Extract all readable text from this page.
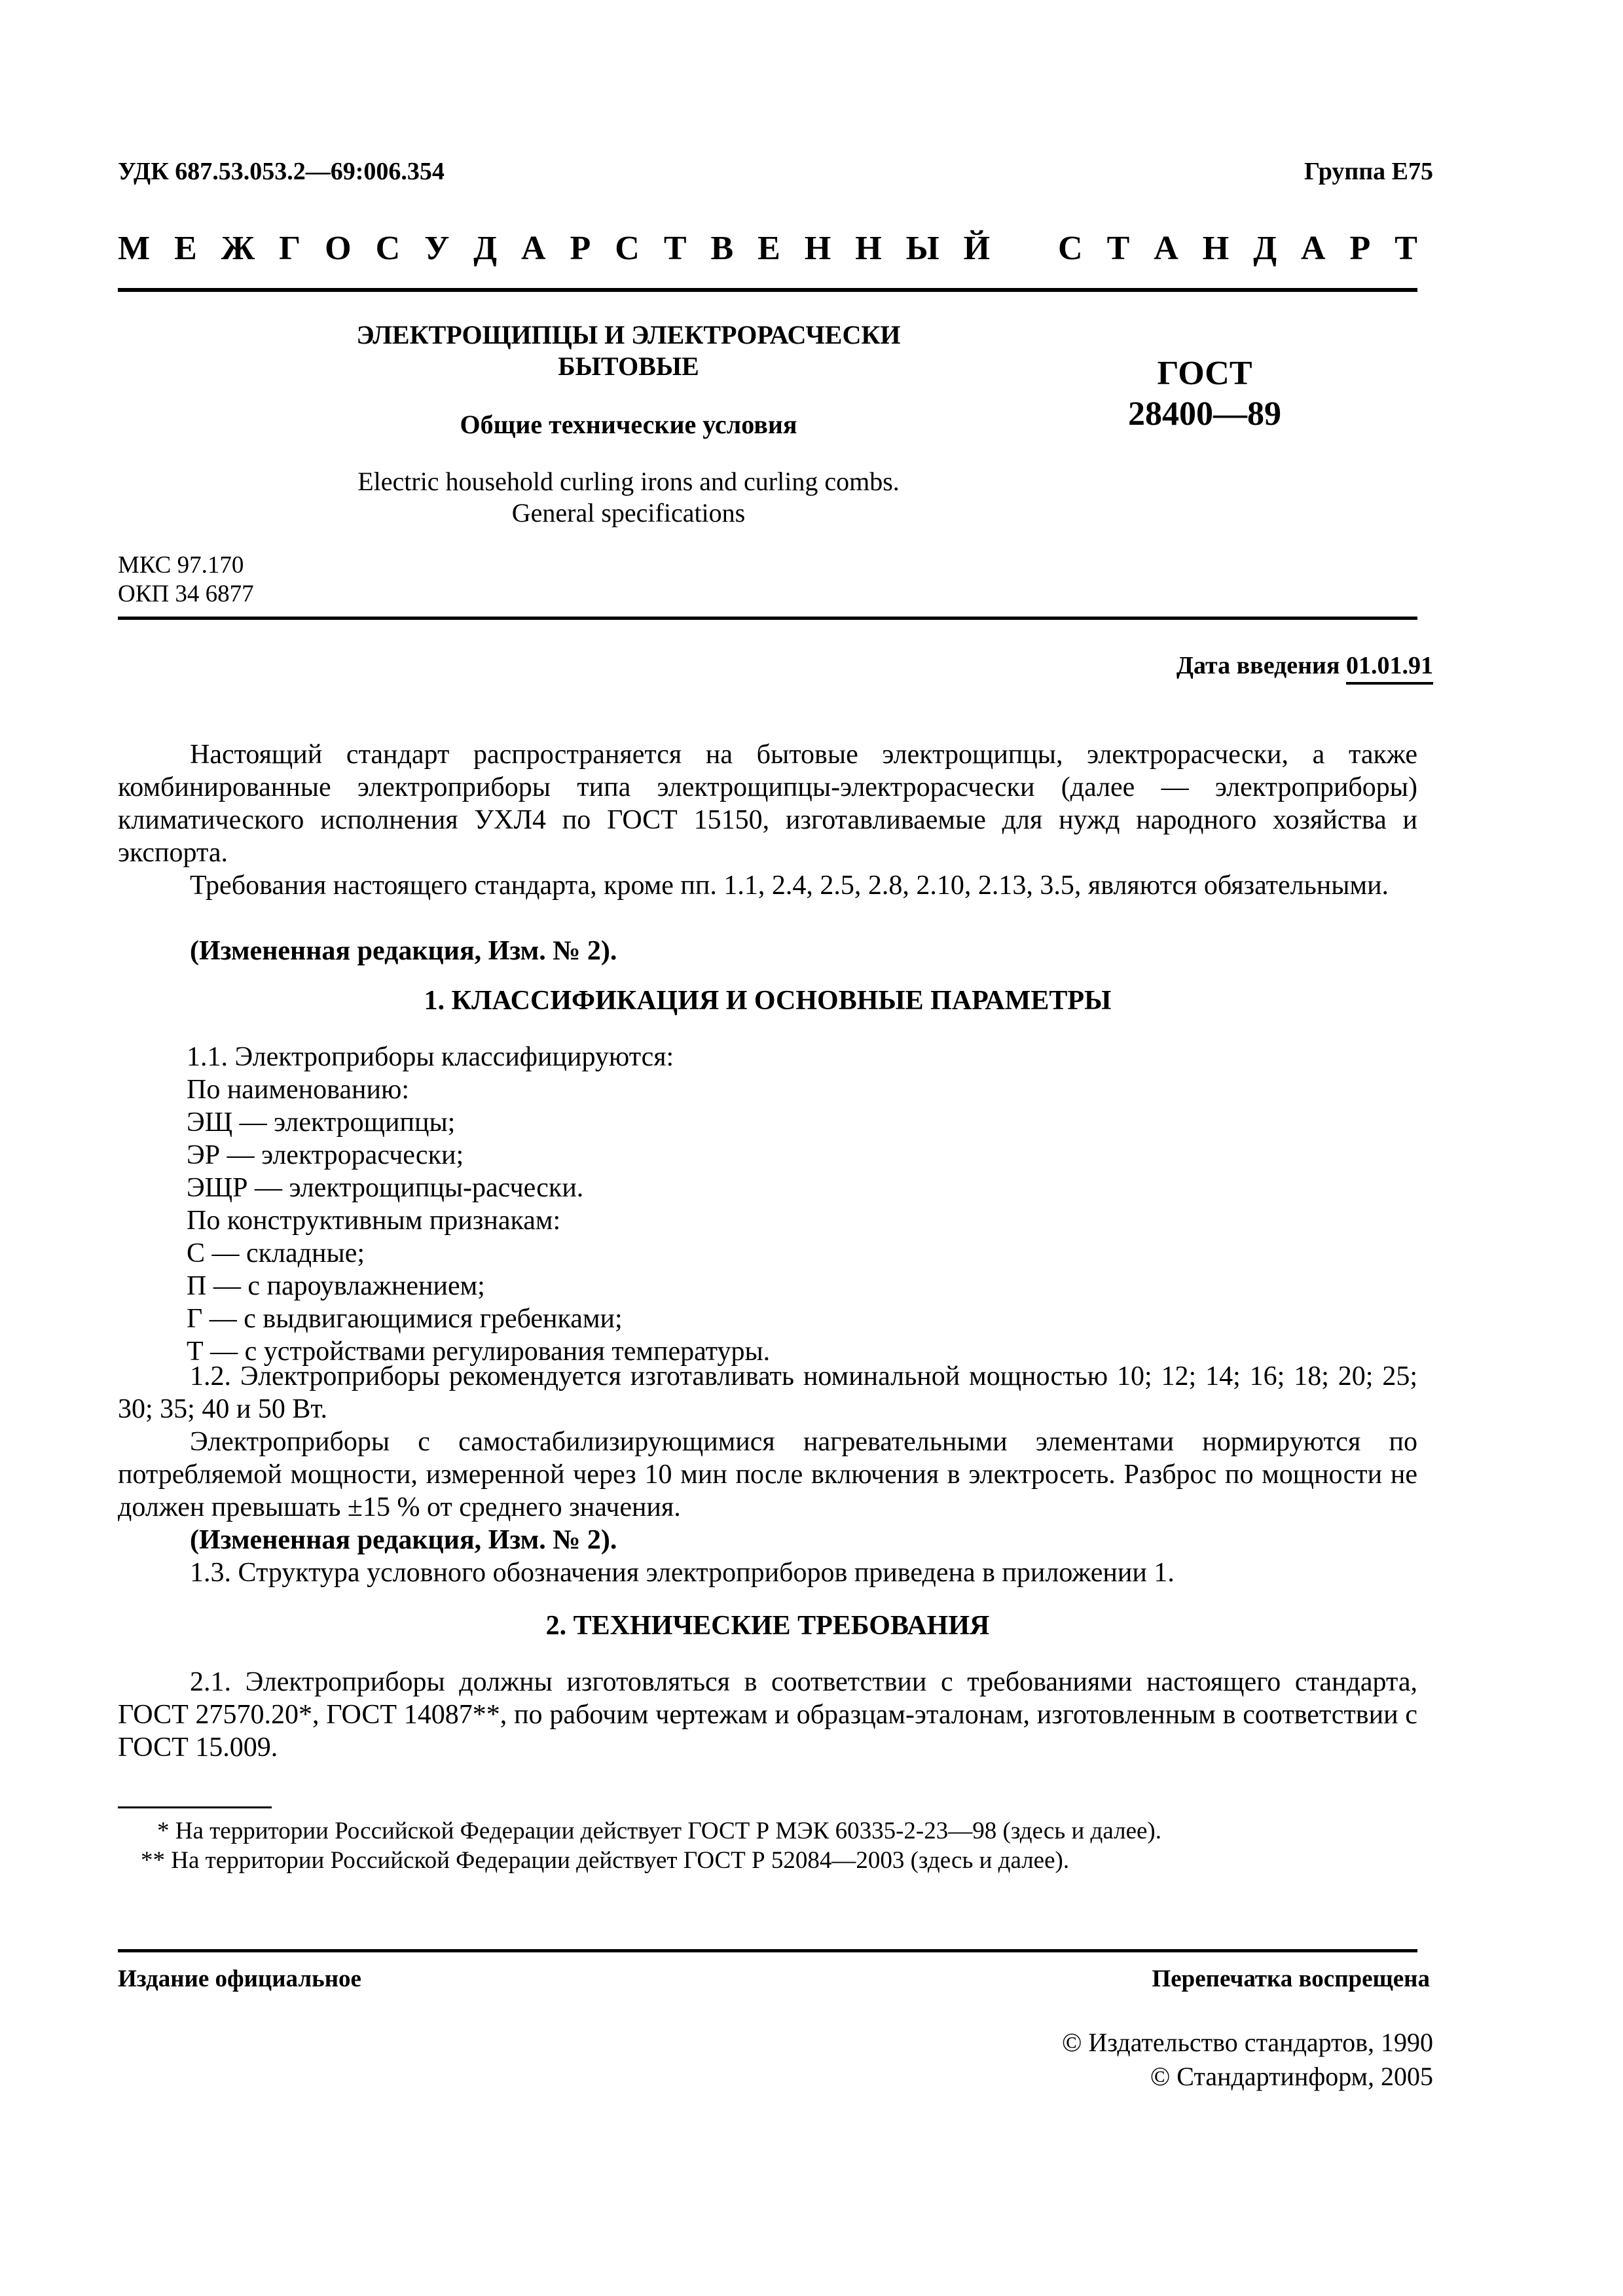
УДК 687.53.053.2—69:006.354	Группа Е75
М Е Ж Г О С У Д А Р С Т В Е Н Н Ы Й С Т А Н Д А Р Т
ЭЛЕКТРОЩИПЦЫ И ЭЛЕКТРОРАСЧЕСКИ
БЫТОВЫЕ
Общие технические условия
Electric household curling irons and curling combs.
General specifications
ГОСТ
28400—89
МКС 97.170
ОКП 34 6877
Дата введения 01.01.91

Настоящий стандарт распространяется на бытовые электрощипцы, электрорасчески, а также комбинированные электроприборы типа электрощипцы-электрорасчески (далее — электроприборы) климатического исполнения УХЛ4 по ГОСТ 15150, изготавливаемые для нужд народного хозяйства и экспорта.

Требования настоящего стандарта, кроме пп. 1.1, 2.4, 2.5, 2.8, 2.10, 2.13, 3.5, являются обязательными.

(Измененная редакция, Изм. № 2).

1. КЛАССИФИКАЦИЯ И ОСНОВНЫЕ ПАРАМЕТРЫ
1.1. Электроприборы классифицируются:
По наименованию:
ЭЩ — электрощипцы;
ЭР — электрорасчески;
ЭЩР — электрощипцы-расчески.
По конструктивным признакам:
С — складные;
П — с пароувлажнением;
Г — с выдвигающимися гребенками;
Т — с устройствами регулирования температуры.

1.2. Электроприборы рекомендуется изготавливать номинальной мощностью 10; 12; 14; 16; 18; 20; 25; 30; 35; 40 и 50 Вт.

Электроприборы с самостабилизирующимися нагревательными элементами нормируются по потребляемой мощности, измеренной через 10 мин после включения в электросеть. Разброс по мощности не должен превышать ±15 % от среднего значения.

(Измененная редакция, Изм. № 2).

1.3. Структура условного обозначения электроприборов приведена в приложении 1.

2. ТЕХНИЧЕСКИЕ ТРЕБОВАНИЯ

2.1. Электроприборы должны изготовляться в соответствии с требованиями настоящего стандарта, ГОСТ 27570.20*, ГОСТ 14087**, по рабочим чертежам и образцам-эталонам, изготовленным в соответствии с ГОСТ 15.009.

* На территории Российской Федерации действует ГОСТ Р МЭК 60335-2-23—98 (здесь и далее).
** На территории Российской Федерации действует ГОСТ Р 52084—2003 (здесь и далее).
Издание официальное	Перепечатка воспрещена
© Издательство стандартов, 1990
© Стандартинформ, 2005
